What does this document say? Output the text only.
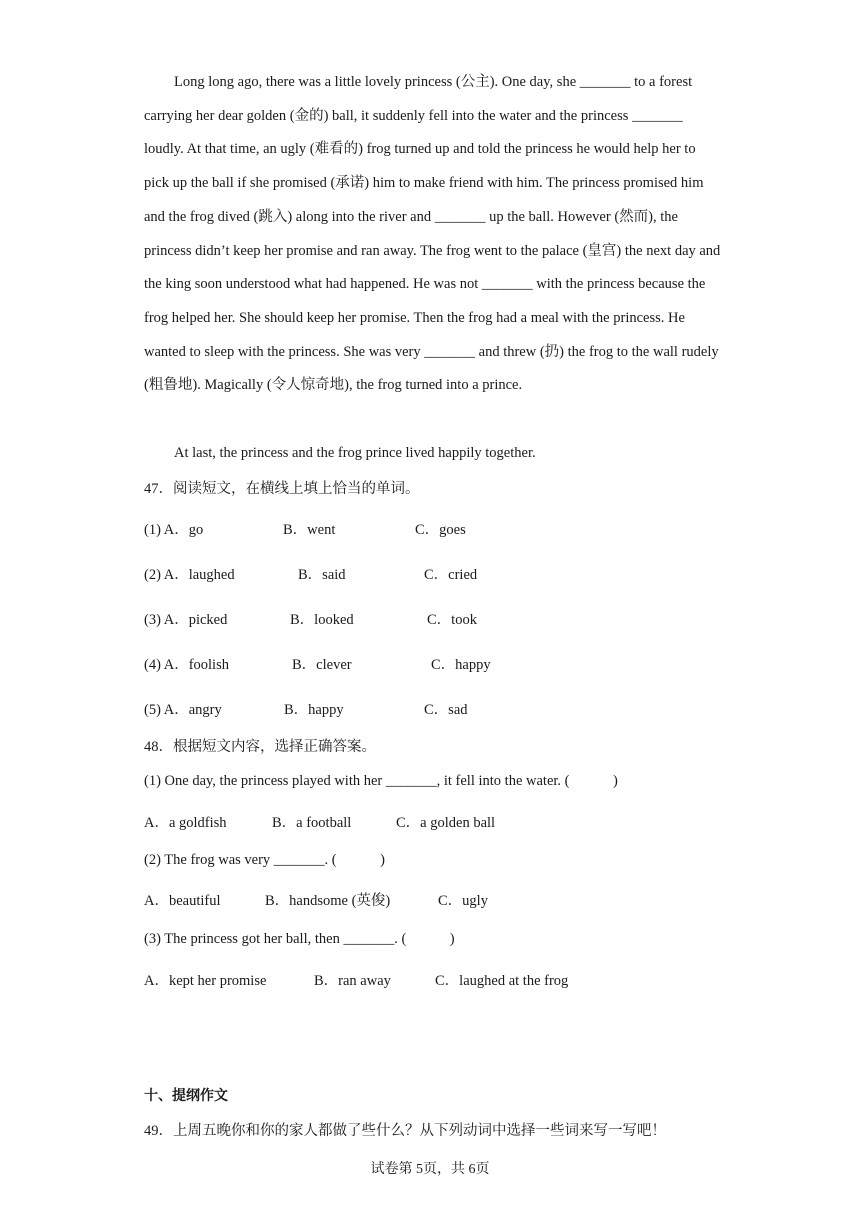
Long long ago, there was a little lovely princess (公主). One day, she _______ to a forest carrying her dear golden (金的) ball, it suddenly fell into the water and the princess _______ loudly. At that time, an ugly (难看的) frog turned up and told the princess he would help her to pick up the ball if she promised (承诺) him to make friend with him. The princess promised him and the frog dived (跳入) along into the river and _______ up the ball. However (然而), the princess didn’t keep her promise and ran away. The frog went to the palace (皇宫) the next day and the king soon understood what had happened. He was not _______ with the princess because the frog helped her. She should keep her promise. Then the frog had a meal with the princess. He wanted to sleep with the princess. She was very _______ and threw (扔) the frog to the wall rudely (粗鲁地). Magically (令人惊奇地), the frog turned into a prince.

At last, the princess and the frog prince lived happily together.

47．阅读短文，在横线上填上恰当的单词。
(1) A．go	B．went	C．goes
(2) A．laughed	B．said	C．cried
(3) A．picked	B．looked	C．took
(4) A．foolish	B．clever	C．happy
(5) A．angry	B．happy	C．sad
48．根据短文内容，选择正确答案。
(1) One day, the princess played with her _______, it fell into the water. (　　　)
A．a goldfish	B．a football	C．a golden ball
(2) The frog was very _______. (　　　)
A．beautiful	B．handsome (英俊)	C．ugly
(3) The princess got her ball, then _______. (　　　)
A．kept her promise	B．ran away	C．laughed at the frog
十、提纲作文
49．上周五晚你和你的家人都做了些什么？从下列动词中选择一些词来写一写吧！
试卷第 5页，共 6页
